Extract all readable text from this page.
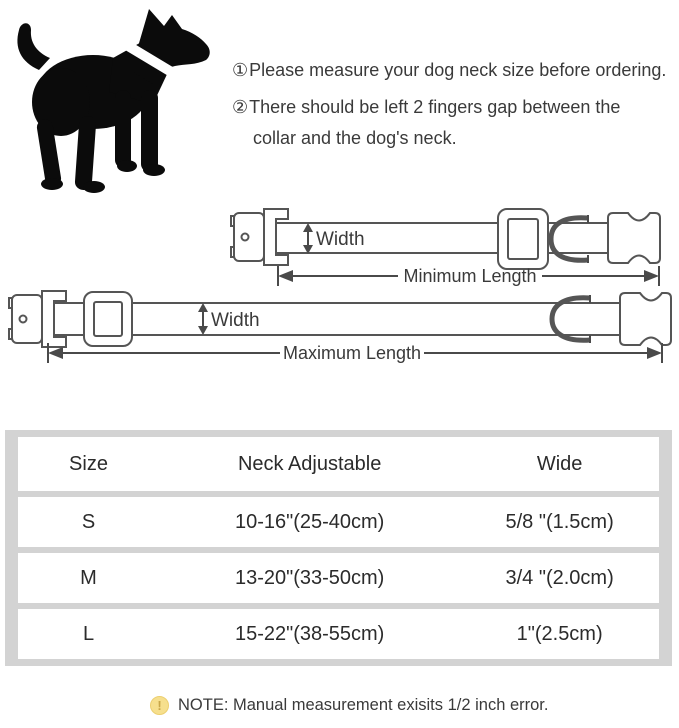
①Please measure your dog neck size before ordering.

②There should be left 2 fingers gap between the
collar and the dog's neck.

Width
Minimum Length
Width
Maximum Length
Size	Neck Adjustable	Wide
S	10-16"(25-40cm)	5/8 "(1.5cm)
M	13-20"(33-50cm)	3/4 "(2.0cm)
L	15-22"(38-55cm)	1"(2.5cm)
! NOTE: Manual measurement exisits 1/2 inch error.
